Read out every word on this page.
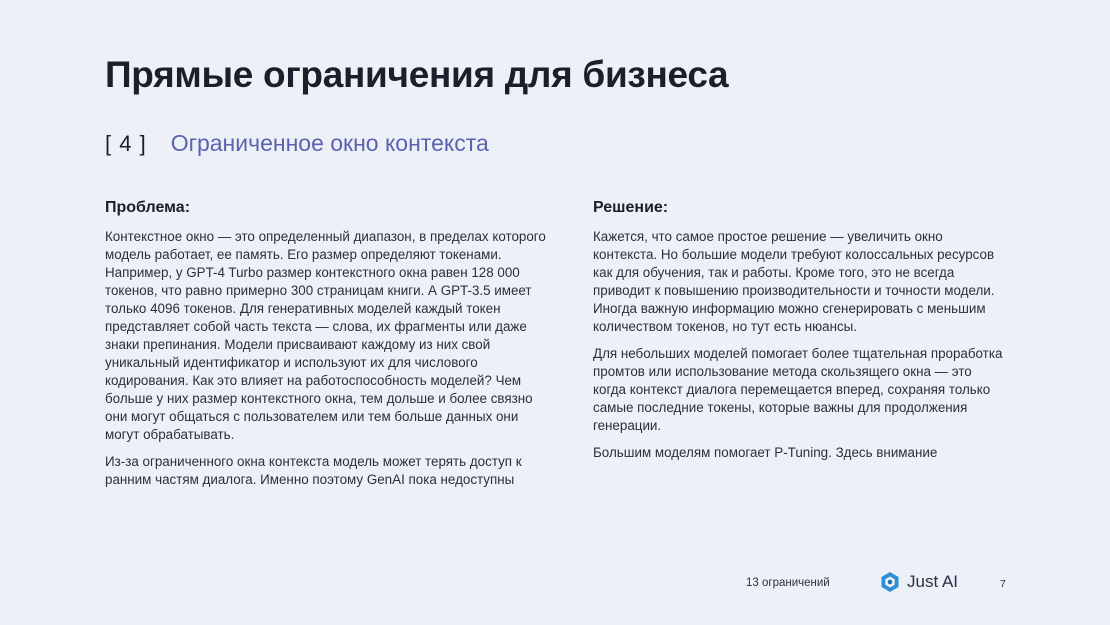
Прямые ограничения для бизнеса
[ 4 ] Ограниченное окно контекста
Проблема:

Контекстное окно — это определенный диапазон, в пределах которого модель работает, ее память. Его размер определяют токенами. Например, у GPT-4 Turbo размер контекстного окна равен 128 000 токенов, что равно примерно 300 страницам книги. А GPT-3.5 имеет только 4096 токенов. Для генеративных моделей каждый токен представляет собой часть текста — слова, их фрагменты или даже знаки препинания. Модели присваивают каждому из них свой уникальный идентификатор и используют их для числового кодирования. Как это влияет на работоспособность моделей? Чем больше у них размер контекстного окна, тем дольше и более связно они могут общаться с пользователем или тем больше данных они могут обрабатывать.

Из-за ограниченного окна контекста модель может терять доступ к ранним частям диалога. Именно поэтому GenAI пока недоступны

Решение:

Кажется, что самое простое решение — увеличить окно контекста. Но большие модели требуют колоссальных ресурсов как для обучения, так и работы. Кроме того, это не всегда приводит к повышению производительности и точности модели. Иногда важную информацию можно сгенерировать с меньшим количеством токенов, но тут есть нюансы.

Для небольших моделей помогает более тщательная проработка промтов или использование метода скользящего окна — это когда контекст диалога перемещается вперед, сохраняя только самые последние токены, которые важны для продолжения генерации.

Большим моделям помогает P-Tuning. Здесь внимание

13 ограничений	Just AI	7
